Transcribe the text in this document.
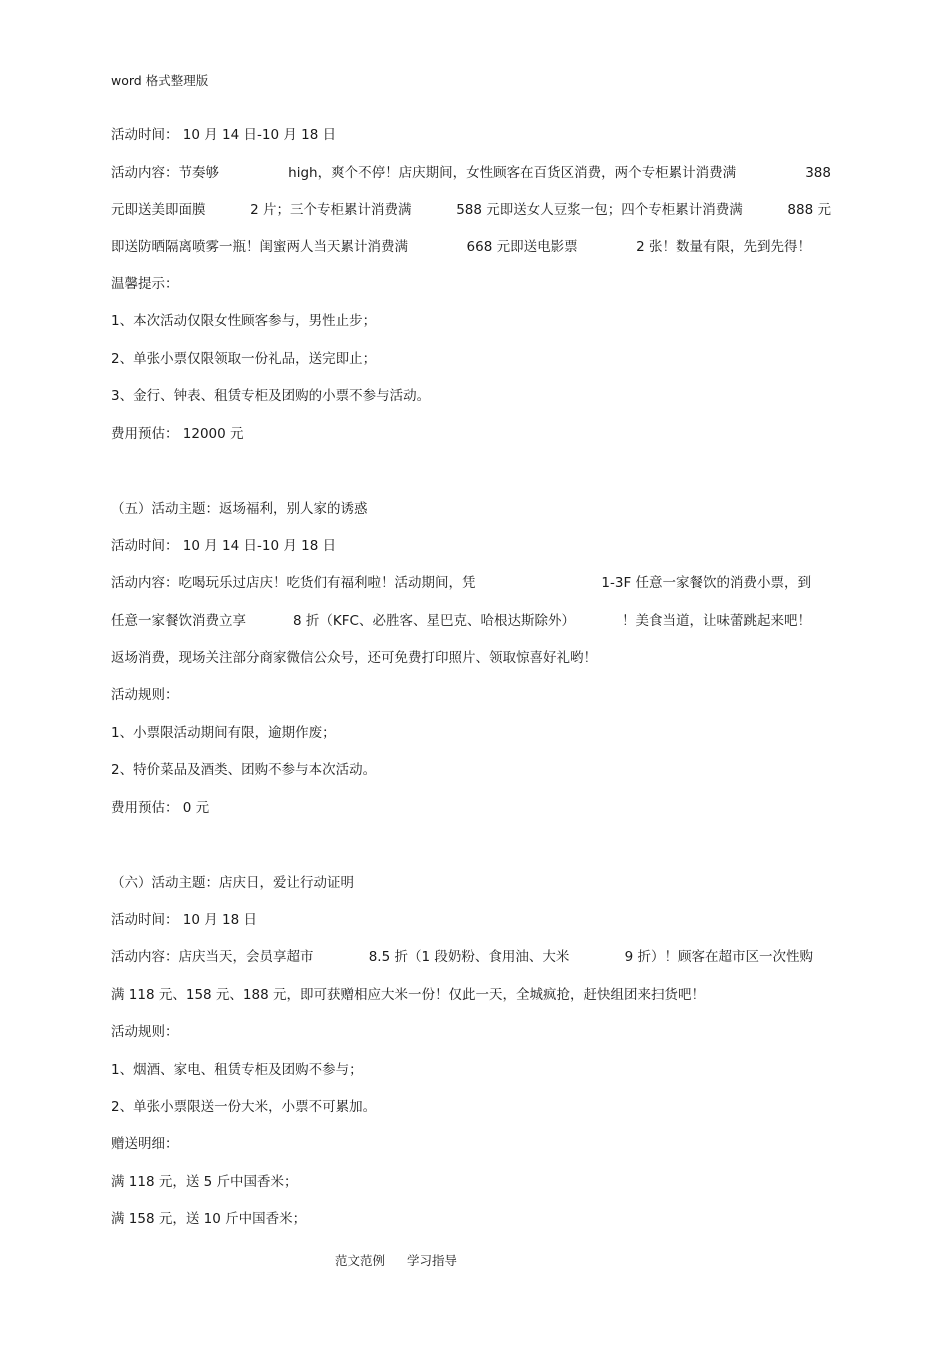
word 格式整理版
活动时间： 10 月 14 日-10 月 18 日
活动内容：节奏够	high，爽个不停！店庆期间，女性顾客在百货区消费，两个专柜累计消费满	388
元即送美即面膜	2 片；三个专柜累计消费满	588 元即送女人豆浆一包；四个专柜累计消费满	888 元
即送防晒隔离喷雾一瓶！闺蜜两人当天累计消费满	668 元即送电影票	2 张！数量有限，先到先得！
温馨提示：
1、本次活动仅限女性顾客参与，男性止步；
2、单张小票仅限领取一份礼品，送完即止；
3、金行、钟表、租赁专柜及团购的小票不参与活动。
费用预估： 12000 元
（五）活动主题：返场福利，别人家的诱惑
活动时间： 10 月 14 日-10 月 18 日
活动内容：吃喝玩乐过店庆！吃货们有福利啦！活动期间，凭	1-3F 任意一家餐饮的消费小票，到
任意一家餐饮消费立享	8 折（KFC、必胜客、星巴克、哈根达斯除外）	！美食当道，让味蕾跳起来吧！
返场消费，现场关注部分商家微信公众号，还可免费打印照片、领取惊喜好礼哟！
活动规则：
1、小票限活动期间有限，逾期作废；
2、特价菜品及酒类、团购不参与本次活动。
费用预估： 0 元
（六）活动主题：店庆日，爱让行动证明
活动时间： 10 月 18 日
活动内容：店庆当天，会员享超市	8.5 折（1 段奶粉、食用油、大米	9 折）！顾客在超市区一次性购
满 118 元、158 元、188 元，即可获赠相应大米一份！仅此一天，全城疯抢，赶快组团来扫货吧！
活动规则：
1、烟酒、家电、租赁专柜及团购不参与；
2、单张小票限送一份大米，小票不可累加。
赠送明细：
满 118 元，送 5 斤中国香米；
满 158 元，送 10 斤中国香米；
范文范例 学习指导
